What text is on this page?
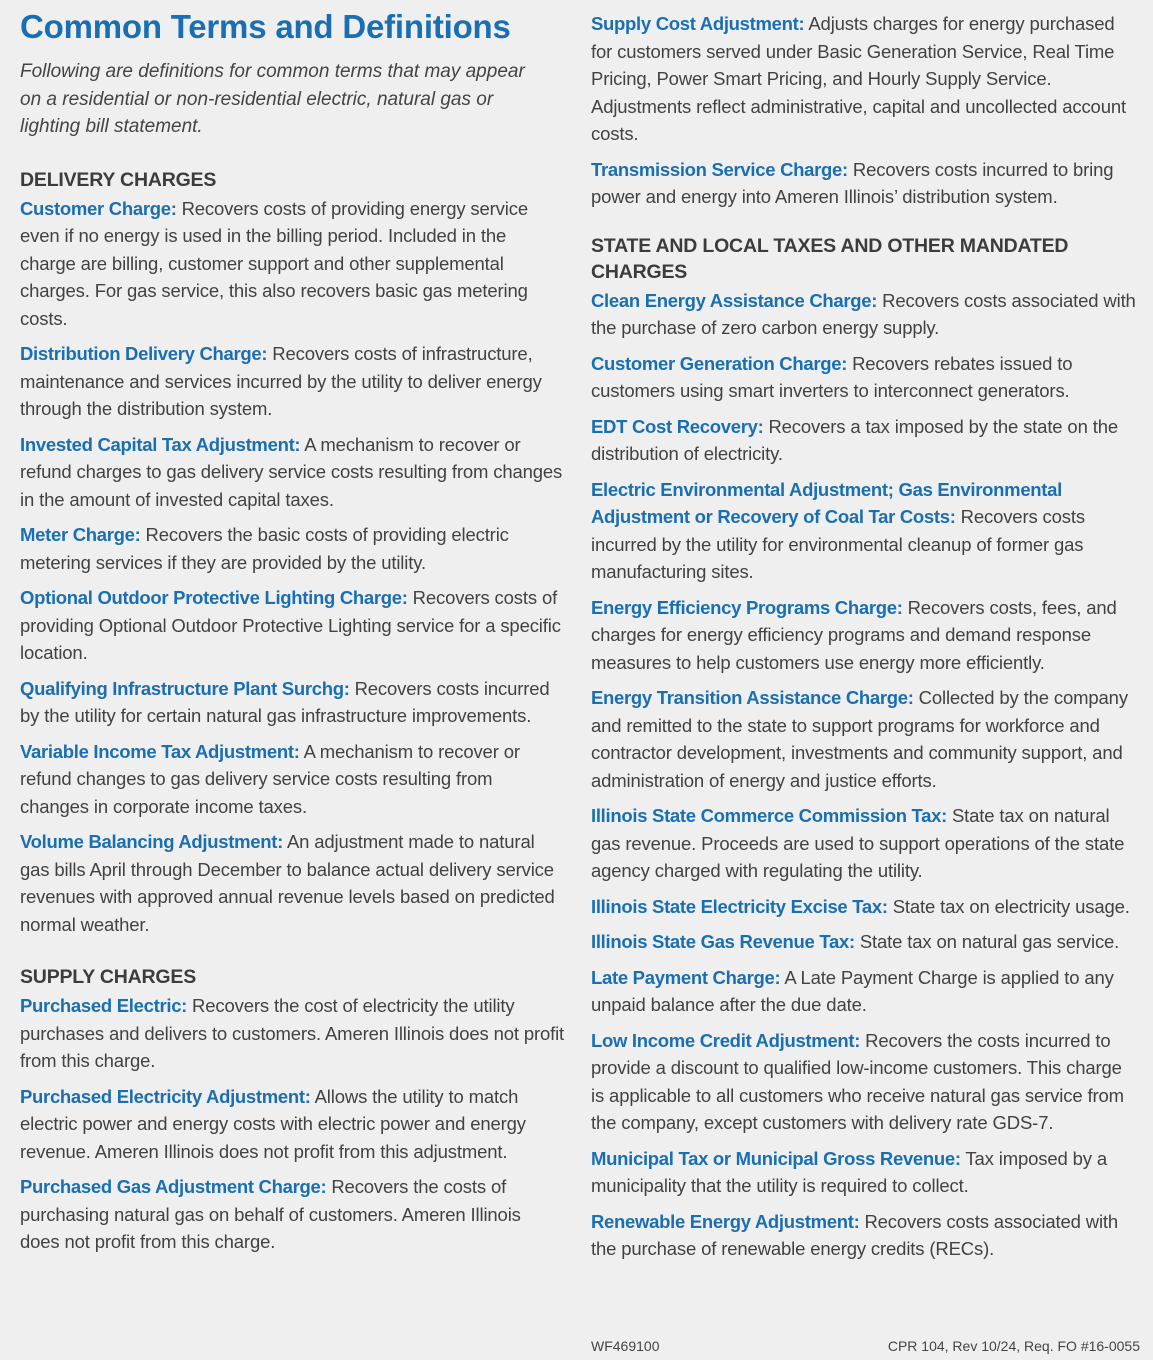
Common Terms and Definitions

Following are definitions for common terms that may appear on a residential or non-residential electric, natural gas or lighting bill statement.

DELIVERY CHARGES

Customer Charge: Recovers costs of providing energy service even if no energy is used in the billing period. Included in the charge are billing, customer support and other supplemental charges. For gas service, this also recovers basic gas metering costs.

Distribution Delivery Charge: Recovers costs of infrastructure, maintenance and services incurred by the utility to deliver energy through the distribution system.

Invested Capital Tax Adjustment: A mechanism to recover or refund charges to gas delivery service costs resulting from changes in the amount of invested capital taxes.

Meter Charge: Recovers the basic costs of providing electric metering services if they are provided by the utility.

Optional Outdoor Protective Lighting Charge: Recovers costs of providing Optional Outdoor Protective Lighting service for a specific location.

Qualifying Infrastructure Plant Surchg: Recovers costs incurred by the utility for certain natural gas infrastructure improvements.

Variable Income Tax Adjustment: A mechanism to recover or refund changes to gas delivery service costs resulting from changes in corporate income taxes.

Volume Balancing Adjustment: An adjustment made to natural gas bills April through December to balance actual delivery service revenues with approved annual revenue levels based on predicted normal weather.

SUPPLY CHARGES

Purchased Electric: Recovers the cost of electricity the utility purchases and delivers to customers. Ameren Illinois does not profit from this charge.

Purchased Electricity Adjustment: Allows the utility to match electric power and energy costs with electric power and energy revenue. Ameren Illinois does not profit from this adjustment.

Purchased Gas Adjustment Charge: Recovers the costs of purchasing natural gas on behalf of customers. Ameren Illinois does not profit from this charge.

Supply Cost Adjustment: Adjusts charges for energy purchased for customers served under Basic Generation Service, Real Time Pricing, Power Smart Pricing, and Hourly Supply Service. Adjustments reflect administrative, capital and uncollected account costs.

Transmission Service Charge: Recovers costs incurred to bring power and energy into Ameren Illinois’ distribution system.

STATE AND LOCAL TAXES AND OTHER MANDATED CHARGES

Clean Energy Assistance Charge: Recovers costs associated with the purchase of zero carbon energy supply.

Customer Generation Charge: Recovers rebates issued to customers using smart inverters to interconnect generators.

EDT Cost Recovery: Recovers a tax imposed by the state on the distribution of electricity.

Electric Environmental Adjustment; Gas Environmental Adjustment or Recovery of Coal Tar Costs: Recovers costs incurred by the utility for environmental cleanup of former gas manufacturing sites.

Energy Efficiency Programs Charge: Recovers costs, fees, and charges for energy efficiency programs and demand response measures to help customers use energy more efficiently.

Energy Transition Assistance Charge: Collected by the company and remitted to the state to support programs for workforce and contractor development, investments and community support, and administration of energy and justice efforts.

Illinois State Commerce Commission Tax: State tax on natural gas revenue. Proceeds are used to support operations of the state agency charged with regulating the utility.

Illinois State Electricity Excise Tax: State tax on electricity usage.

Illinois State Gas Revenue Tax: State tax on natural gas service.

Late Payment Charge: A Late Payment Charge is applied to any unpaid balance after the due date.

Low Income Credit Adjustment: Recovers the costs incurred to provide a discount to qualified low-income customers. This charge is applicable to all customers who receive natural gas service from the company, except customers with delivery rate GDS-7.

Municipal Tax or Municipal Gross Revenue: Tax imposed by a municipality that the utility is required to collect.

Renewable Energy Adjustment: Recovers costs associated with the purchase of renewable energy credits (RECs).

WF469100	CPR 104, Rev 10/24, Req. FO #16-0055
